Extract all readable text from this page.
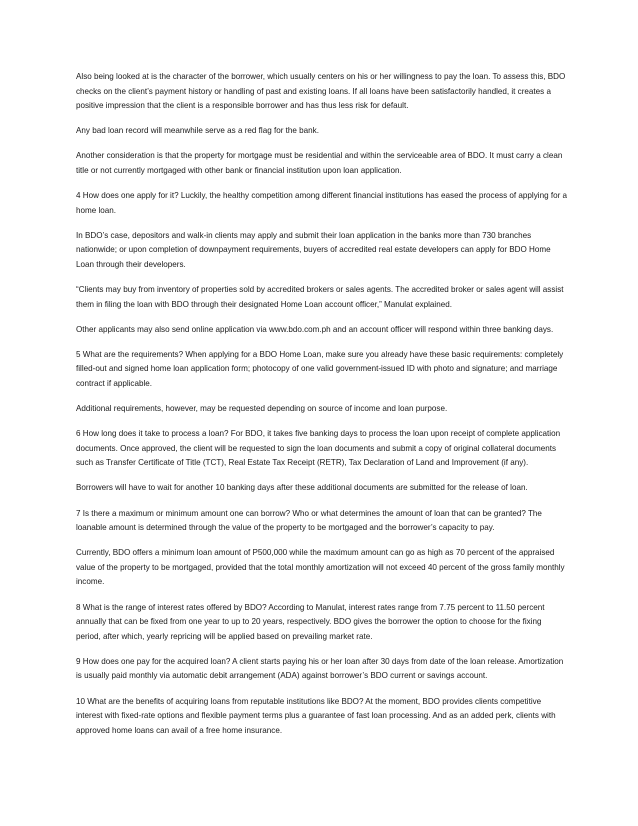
Also being looked at is the character of the borrower, which usually centers on his or her willingness to pay the loan. To assess this, BDO checks on the client’s payment history or handling of past and existing loans. If all loans have been satisfactorily handled, it creates a positive impression that the client is a responsible borrower and has thus less risk for default.

Any bad loan record will meanwhile serve as a red flag for the bank.

Another consideration is that the property for mortgage must be residential and within the serviceable area of BDO. It must carry a clean title or not currently mortgaged with other bank or financial institution upon loan application.

4 How does one apply for it? Luckily, the healthy competition among different financial institutions has eased the process of applying for a home loan.

In BDO’s case, depositors and walk-in clients may apply and submit their loan application in the banks more than 730 branches nationwide; or upon completion of downpayment requirements, buyers of accredited real estate developers can apply for BDO Home Loan through their developers.

“Clients may buy from inventory of properties sold by accredited brokers or sales agents. The accredited broker or sales agent will assist them in filing the loan with BDO through their designated Home Loan account officer,” Manulat explained.

Other applicants may also send online application via www.bdo.com.ph and an account officer will respond within three banking days.

5 What are the requirements? When applying for a BDO Home Loan, make sure you already have these basic requirements: completely filled-out and signed home loan application form; photocopy of one valid government-issued ID with photo and signature; and marriage contract if applicable.

Additional requirements, however, may be requested depending on source of income and loan purpose.

6 How long does it take to process a loan? For BDO, it takes five banking days to process the loan upon receipt of complete application documents. Once approved, the client will be requested to sign the loan documents and submit a copy of original collateral documents such as Transfer Certificate of Title (TCT), Real Estate Tax Receipt (RETR), Tax Declaration of Land and Improvement (if any).

Borrowers will have to wait for another 10 banking days after these additional documents are submitted for the release of loan.

7 Is there a maximum or minimum amount one can borrow? Who or what determines the amount of loan that can be granted? The loanable amount is determined through the value of the property to be mortgaged and the borrower’s capacity to pay.

Currently, BDO offers a minimum loan amount of P500,000 while the maximum amount can go as high as 70 percent of the appraised value of the property to be mortgaged, provided that the total monthly amortization will not exceed 40 percent of the gross family monthly income.

8 What is the range of interest rates offered by BDO? According to Manulat, interest rates range from 7.75 percent to 11.50 percent annually that can be fixed from one year to up to 20 years, respectively. BDO gives the borrower the option to choose for the fixing period, after which, yearly repricing will be applied based on prevailing market rate.

9 How does one pay for the acquired loan? A client starts paying his or her loan after 30 days from date of the loan release. Amortization is usually paid monthly via automatic debit arrangement (ADA) against borrower’s BDO current or savings account.

10 What are the benefits of acquiring loans from reputable institutions like BDO? At the moment, BDO provides clients competitive interest with fixed-rate options and flexible payment terms plus a guarantee of fast loan processing. And as an added perk, clients with approved home loans can avail of a free home insurance.
